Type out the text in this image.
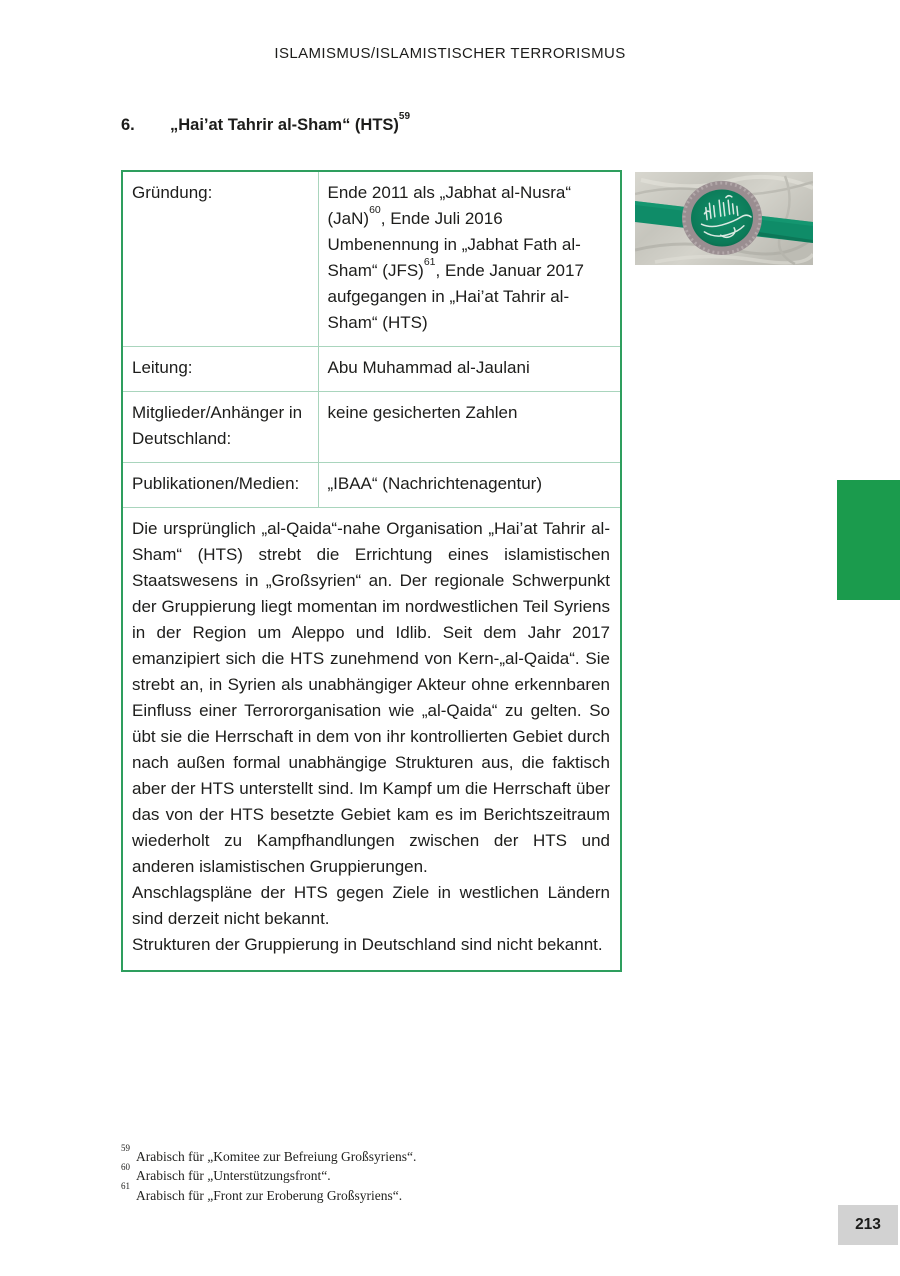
ISLAMISMUS/ISLAMISTISCHER TERRORISMUS
6. „Hai’at Tahrir al-Sham“ (HTS)$^{59}$
Gründung:	Ende 2011 als „Jabhat al-Nusra“ (JaN)$^{60}$, Ende Juli 2016 Umbenennung in „Jabhat Fath al-Sham“ (JFS)$^{61}$, Ende Januar 2017 aufgegangen in „Hai’at Tahrir al-Sham“ (HTS)
Leitung:	Abu Muhammad al-Jaulani
Mitglieder/Anhänger in Deutschland:	keine gesicherten Zahlen
Publikationen/Medien:	„IBAA“ (Nachrichtenagentur)

Die ursprünglich „al-Qaida“-nahe Organisation „Hai’at Tahrir al-Sham“ (HTS) strebt die Errichtung eines islamistischen Staatswesens in „Großsyrien“ an. Der regionale Schwerpunkt der Gruppierung liegt momentan im nordwestlichen Teil Syriens in der Region um Aleppo und Idlib. Seit dem Jahr 2017 emanzipiert sich die HTS zunehmend von Kern-„al-Qaida“. Sie strebt an, in Syrien als unabhängiger Akteur ohne erkennbaren Einfluss einer Terrororganisation wie „al-Qaida“ zu gelten. So übt sie die Herrschaft in dem von ihr kontrollierten Gebiet durch nach außen formal unabhängige Strukturen aus, die faktisch aber der HTS unterstellt sind. Im Kampf um die Herrschaft über das von der HTS besetzte Gebiet kam es im Berichtszeitraum wiederholt zu Kampfhandlungen zwischen der HTS und anderen islamistischen Gruppierungen.

Anschlagspläne der HTS gegen Ziele in westlichen Ländern sind derzeit nicht bekannt.

Strukturen der Gruppierung in Deutschland sind nicht bekannt.	

$^{59}$Arabisch für „Komitee zur Befreiung Großsyriens“.
$^{60}$Arabisch für „Unterstützungsfront“.
$^{61}$Arabisch für „Front zur Eroberung Großsyriens“.
213
